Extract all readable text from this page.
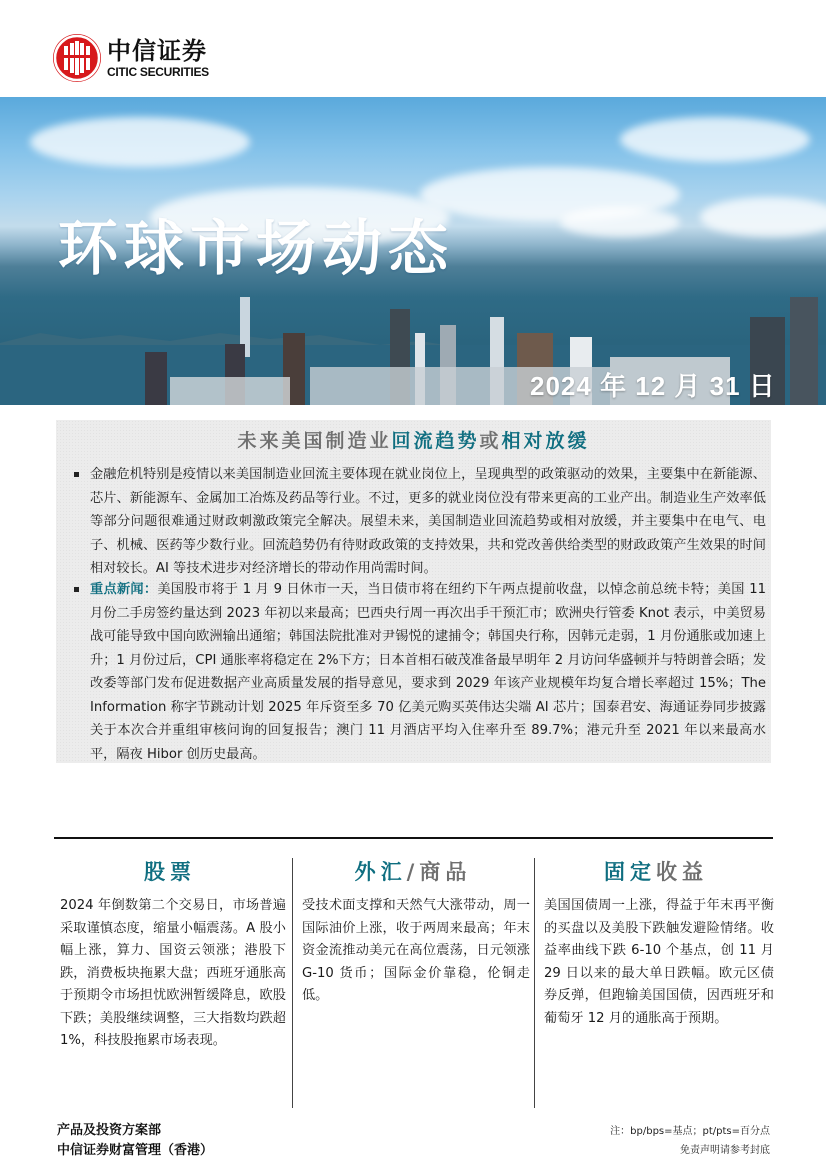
中信证券
CITIC SECURITIES
环球市场动态
2024 年 12 月 31 日
未来美国制造业回流趋势或相对放缓
金融危机特别是疫情以来美国制造业回流主要体现在就业岗位上，呈现典型的政策驱动的效果，主要集中在新能源、芯片、新能源车、金属加工冶炼及药品等行业。不过，更多的就业岗位没有带来更高的工业产出。制造业生产效率低等部分问题很难通过财政刺激政策完全解决。展望未来，美国制造业回流趋势或相对放缓，并主要集中在电气、电子、机械、医药等少数行业。回流趋势仍有待财政政策的支持效果，共和党改善供给类型的财政政策产生效果的时间相对较长。AI 等技术进步对经济增长的带动作用尚需时间。
重点新闻：美国股市将于 1 月 9 日休市一天，当日债市将在纽约下午两点提前收盘，以悼念前总统卡特；美国 11 月份二手房签约量达到 2023 年初以来最高；巴西央行周一再次出手干预汇市；欧洲央行管委 Knot 表示，中美贸易战可能导致中国向欧洲输出通缩；韩国法院批准对尹锡悦的逮捕令；韩国央行称，因韩元走弱，1 月份通胀或加速上升；1 月份过后，CPI 通胀率将稳定在 2%下方；日本首相石破茂准备最早明年 2 月访问华盛顿并与特朗普会晤；发改委等部门发布促进数据产业高质量发展的指导意见，要求到 2029 年该产业规模年均复合增长率超过 15%；The Information 称字节跳动计划 2025 年斥资至多 70 亿美元购买英伟达尖端 AI 芯片；国泰君安、海通证券同步披露关于本次合并重组审核问询的回复报告；澳门 11 月酒店平均入住率升至 89.7%；港元升至 2021 年以来最高水平，隔夜 Hibor 创历史最高。
股票
2024 年倒数第二个交易日，市场普遍采取谨慎态度，缩量小幅震荡。A 股小幅上涨，算力、国资云领涨；港股下跌，消费板块拖累大盘；西班牙通胀高于预期令市场担忧欧洲暂缓降息，欧股下跌；美股继续调整，三大指数均跌超 1%，科技股拖累市场表现。
外汇/商品
受技术面支撑和天然气大涨带动，周一国际油价上涨，收于两周来最高；年末资金流推动美元在高位震荡，日元领涨 G-10 货币；国际金价靠稳，伦铜走低。
固定收益
美国国债周一上涨，得益于年末再平衡的买盘以及美股下跌触发避险情绪。收益率曲线下跌 6-10 个基点，创 11 月 29 日以来的最大单日跌幅。欧元区债券反弹，但跑输美国国债，因西班牙和葡萄牙 12 月的通胀高于预期。
产品及投资方案部
中信证券财富管理（香港）
注：bp/bps=基点；pt/pts=百分点
免责声明请参考封底
